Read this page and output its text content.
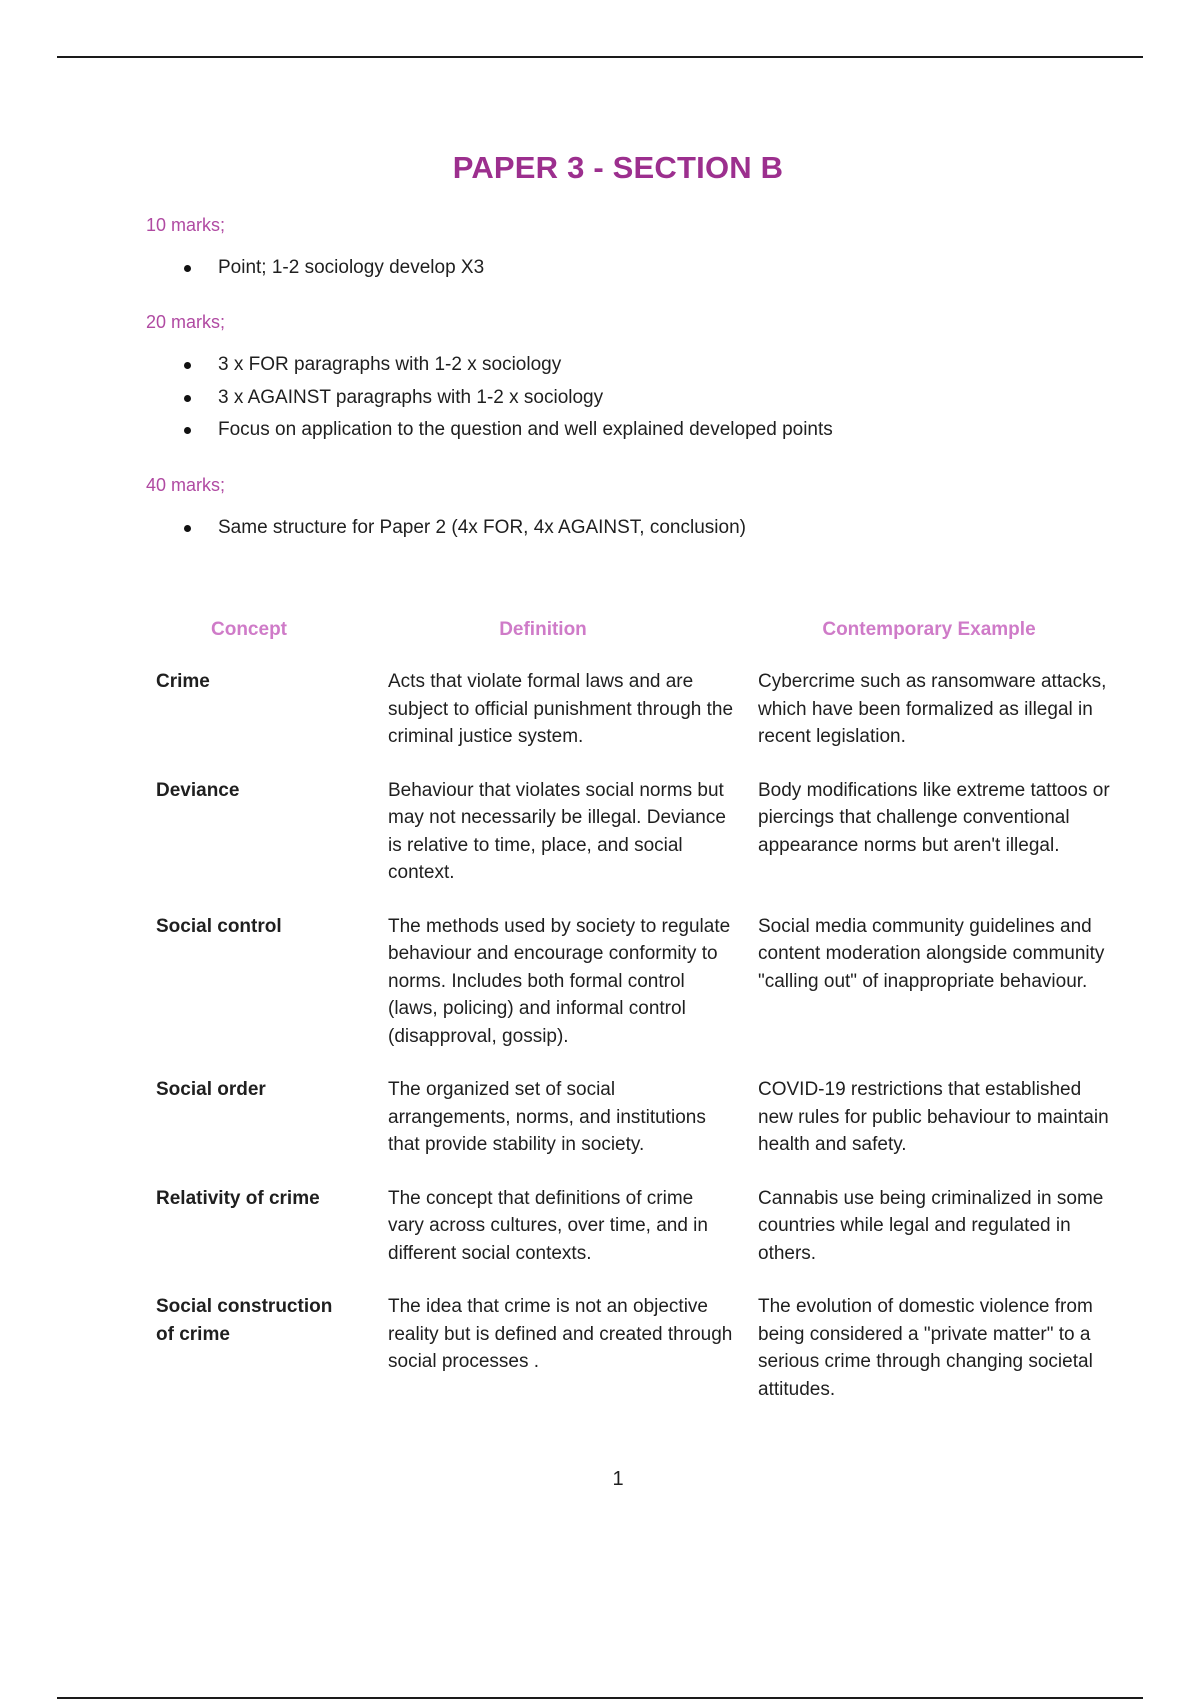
PAPER 3 - SECTION B
10 marks;
Point; 1-2 sociology develop X3
20 marks;
3 x FOR paragraphs with 1-2 x sociology
3 x AGAINST paragraphs with 1-2 x sociology
Focus on application to the question and well explained developed points
40 marks;
Same structure for Paper 2 (4x FOR, 4x AGAINST, conclusion)
Concept	Definition	Contemporary Example
Crime	Acts that violate formal laws and are subject to official punishment through the criminal justice system.	Cybercrime such as ransomware attacks, which have been formalized as illegal in recent legislation.
Deviance	Behaviour that violates social norms but may not necessarily be illegal. Deviance is relative to time, place, and social context.	Body modifications like extreme tattoos or piercings that challenge conventional appearance norms but aren't illegal.
Social control	The methods used by society to regulate behaviour and encourage conformity to norms. Includes both formal control (laws, policing) and informal control (disapproval, gossip).	Social media community guidelines and content moderation alongside community "calling out" of inappropriate behaviour.
Social order	The organized set of social arrangements, norms, and institutions that provide stability in society.	COVID-19 restrictions that established new rules for public behaviour to maintain health and safety.
Relativity of crime	The concept that definitions of crime vary across cultures, over time, and in different social contexts.	Cannabis use being criminalized in some countries while legal and regulated in others.
Social construction of crime	The idea that crime is not an objective reality but is defined and created through social processes .	The evolution of domestic violence from being considered a "private matter" to a serious crime through changing societal attitudes.
1
